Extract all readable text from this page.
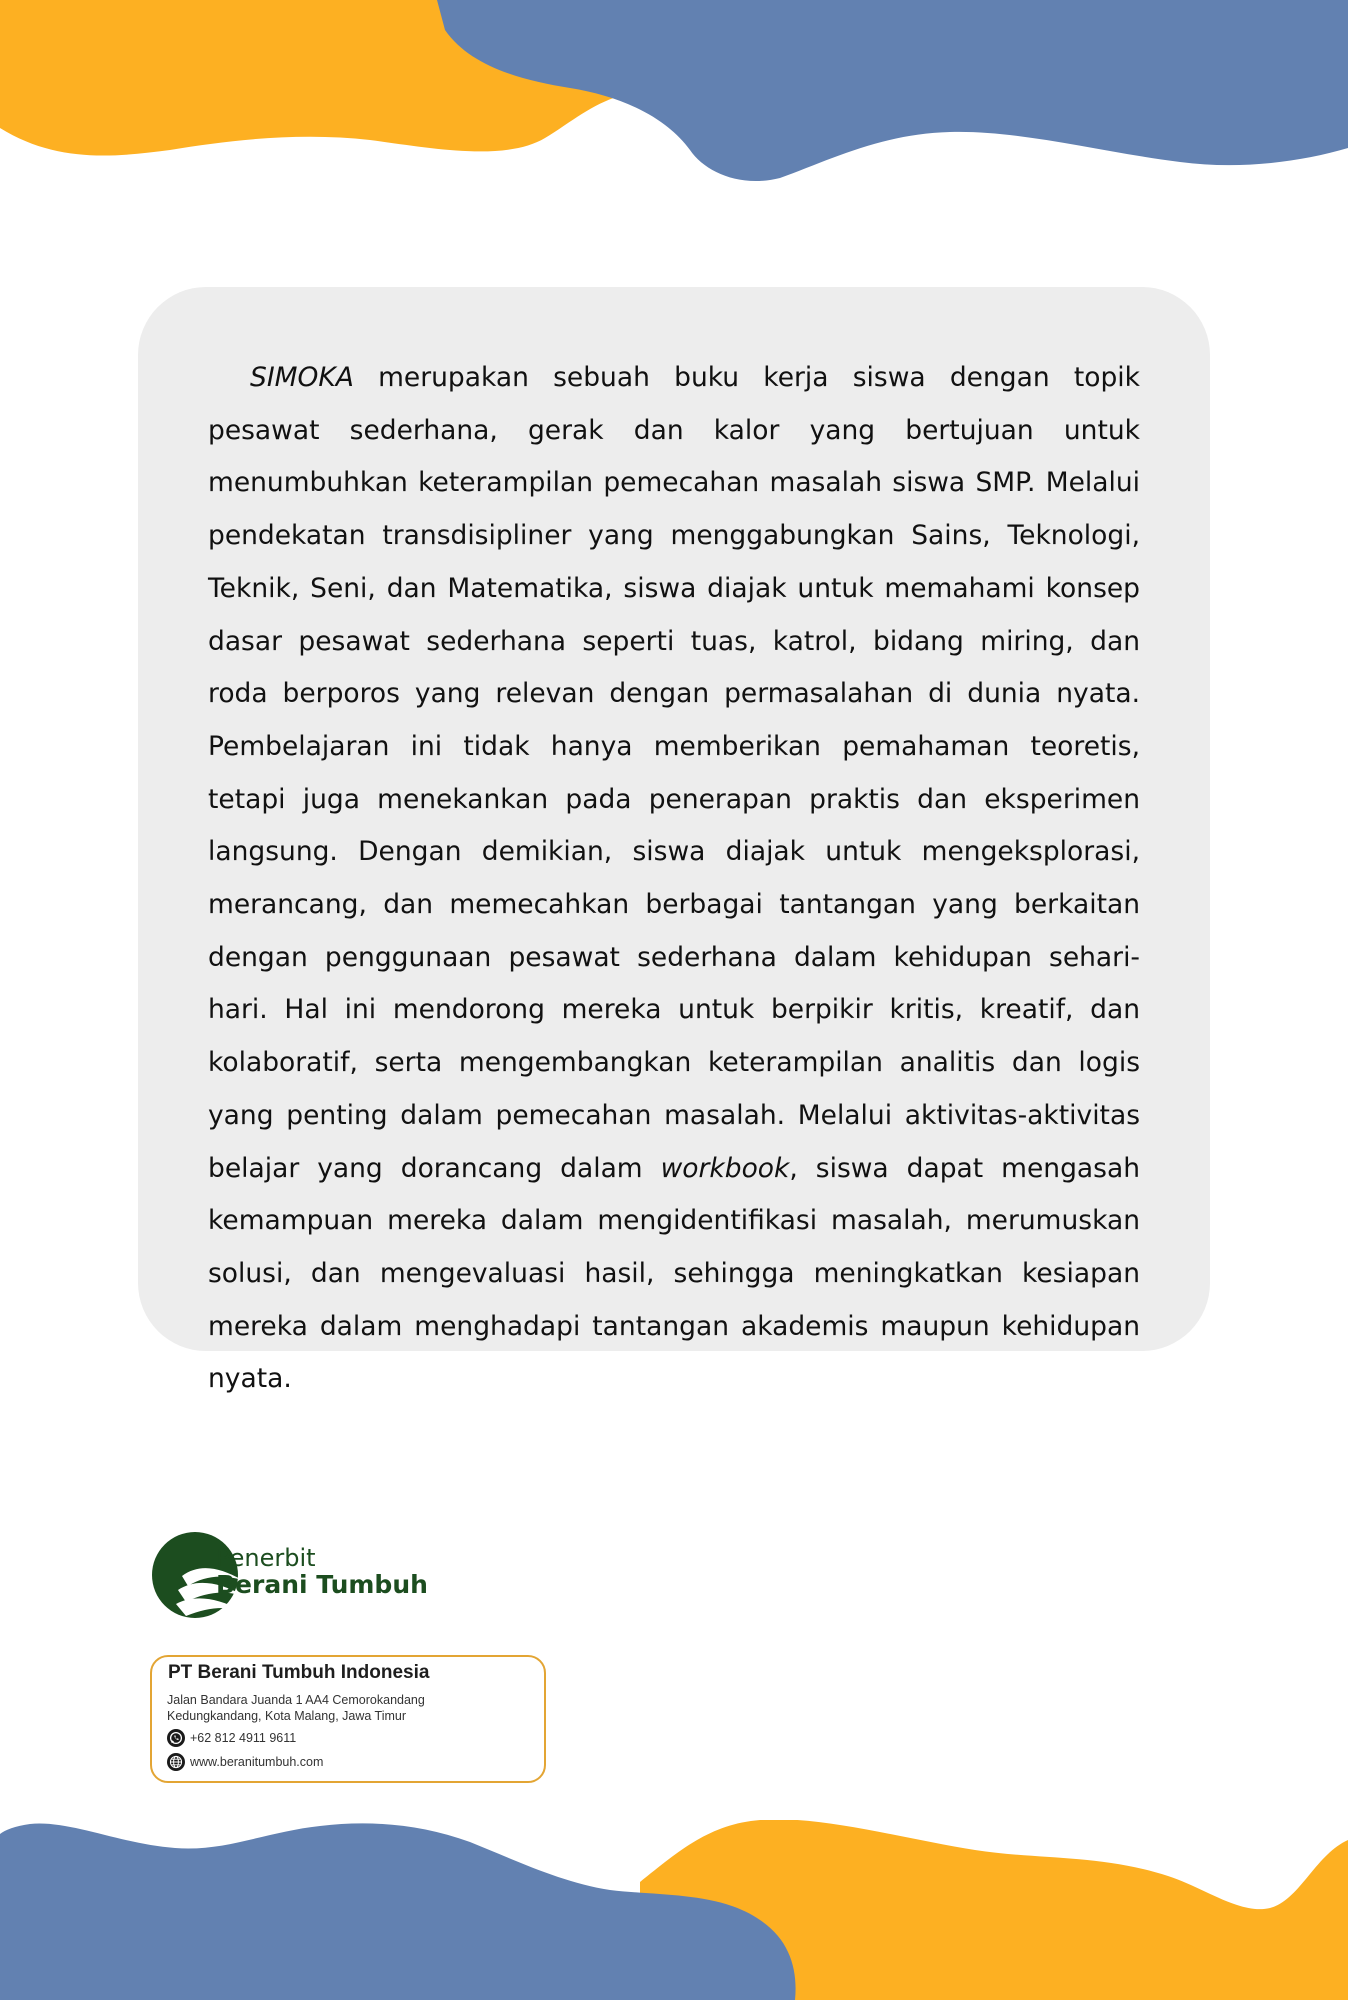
SIMOKA merupakan sebuah buku kerja siswa dengan topik pesawat sederhana, gerak dan kalor yang bertujuan untuk menumbuhkan keterampilan pemecahan masalah siswa SMP. Melalui pendekatan transdisipliner yang menggabungkan Sains, Teknologi, Teknik, Seni, dan Matematika, siswa diajak untuk memahami konsep dasar pesawat sederhana seperti tuas, katrol, bidang miring, dan roda berporos yang relevan dengan permasalahan di dunia nyata. Pembelajaran ini tidak hanya memberikan pemahaman teoretis, tetapi juga menekankan pada penerapan praktis dan eksperimen langsung. Dengan demikian, siswa diajak untuk mengeksplorasi, merancang, dan memecahkan berbagai tantangan yang berkaitan dengan penggunaan pesawat sederhana dalam kehidupan sehari-hari. Hal ini mendorong mereka untuk berpikir kritis, kreatif, dan kolaboratif, serta mengembangkan keterampilan analitis dan logis yang penting dalam pemecahan masalah. Melalui aktivitas-aktivitas belajar yang dorancang dalam workbook, siswa dapat mengasah kemampuan mereka dalam mengidentifikasi masalah, merumuskan solusi, dan mengevaluasi hasil, sehingga meningkatkan kesiapan mereka dalam menghadapi tantangan akademis maupun kehidupan nyata.

Penerbit
Berani Tumbuh
PT Berani Tumbuh Indonesia
Jalan Bandara Juanda 1 AA4 Cemorokandang
Kedungkandang, Kota Malang, Jawa Timur
+62 812 4911 9611
www.beranitumbuh.com
